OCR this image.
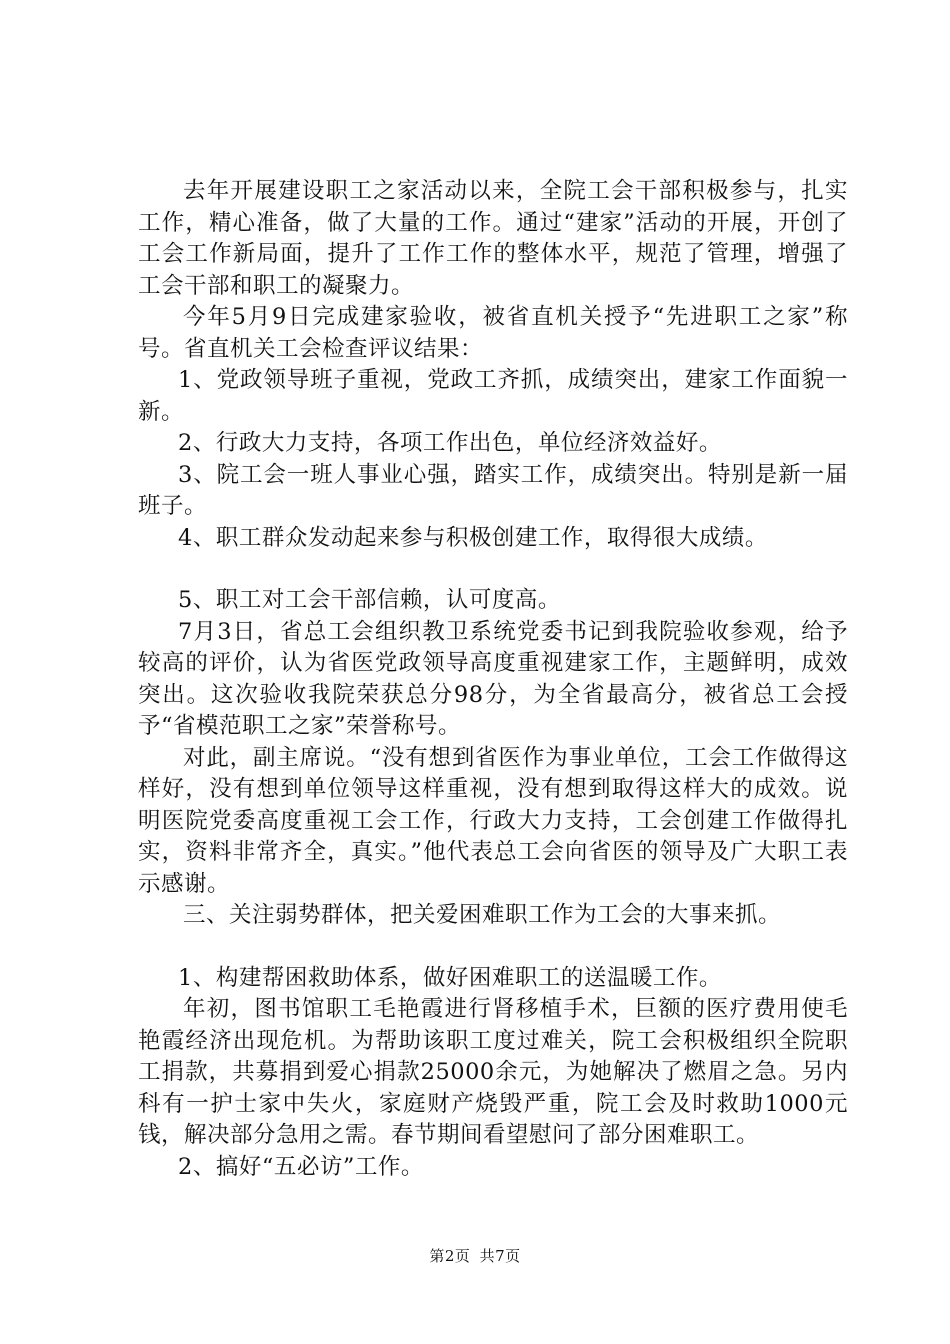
去年开展建设职工之家活动以来，全院工会干部积极参与，扎实工作，精心准备，做了大量的工作。通过“建家”活动的开展，开创了工会工作新局面，提升了工作工作的整体水平，规范了管理，增强了工会干部和职工的凝聚力。

今年5月9日完成建家验收，被省直机关授予“先进职工之家”称号。省直机关工会检查评议结果：

1、党政领导班子重视，党政工齐抓，成绩突出，建家工作面貌一新。

2、行政大力支持，各项工作出色，单位经济效益好。

3、院工会一班人事业心强，踏实工作，成绩突出。特别是新一届班子。

4、职工群众发动起来参与积极创建工作，取得很大成绩。

5、职工对工会干部信赖，认可度高。

7月3日，省总工会组织教卫系统党委书记到我院验收参观，给予较高的评价，认为省医党政领导高度重视建家工作，主题鲜明，成效突出。这次验收我院荣获总分98分，为全省最高分，被省总工会授予“省模范职工之家”荣誉称号。

对此，副主席说。“没有想到省医作为事业单位，工会工作做得这样好，没有想到单位领导这样重视，没有想到取得这样大的成效。说明医院党委高度重视工会工作，行政大力支持，工会创建工作做得扎实，资料非常齐全，真实。”他代表总工会向省医的领导及广大职工表示感谢。

三、关注弱势群体，把关爱困难职工作为工会的大事来抓。

1、构建帮困救助体系，做好困难职工的送温暖工作。

年初，图书馆职工毛艳霞进行肾移植手术，巨额的医疗费用使毛艳霞经济出现危机。为帮助该职工度过难关，院工会积极组织全院职工捐款，共募捐到爱心捐款25000余元，为她解决了燃眉之急。另内科有一护士家中失火，家庭财产烧毁严重，院工会及时救助1000元钱，解决部分急用之需。春节期间看望慰问了部分困难职工。

2、搞好“五必访”工作。

第2页 共7页
